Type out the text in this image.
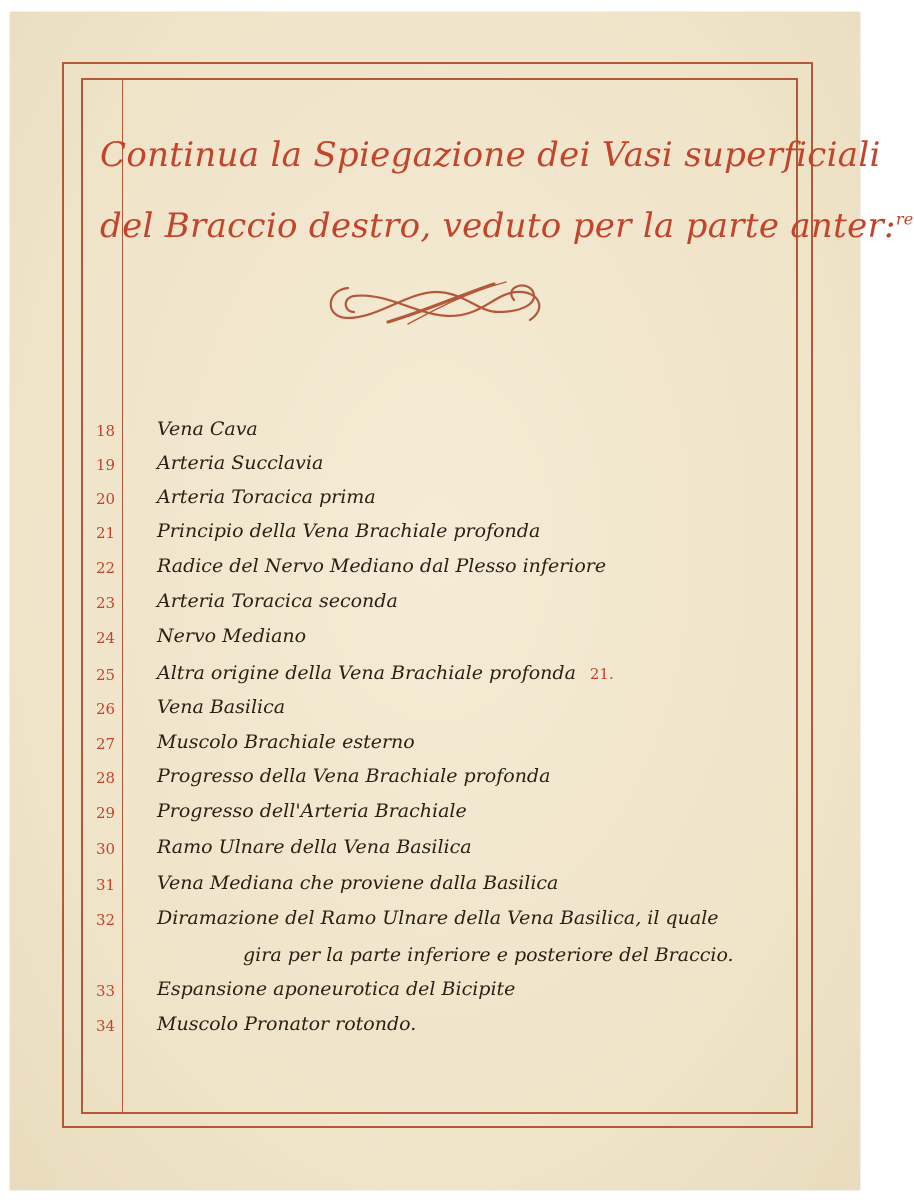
Continua la Spiegazione dei Vasi superficiali
del Braccio destro, veduto per la parte anter:$^{re}$
18 Vena Cava
19 Arteria Succlavia
20 Arteria Toracica prima
21 Principio della Vena Brachiale profonda
22 Radice del Nervo Mediano dal Plesso inferiore
23 Arteria Toracica seconda
24 Nervo Mediano
25 Altra origine della Vena Brachiale profonda 21.
26 Vena Basilica
27 Muscolo Brachiale esterno
28 Progresso della Vena Brachiale profonda
29 Progresso dell'Arteria Brachiale
30 Ramo Ulnare della Vena Basilica
31 Vena Mediana che proviene dalla Basilica
32 Diramazione del Ramo Ulnare della Vena Basilica, il quale
gira per la parte inferiore e posteriore del Braccio.
33 Espansione aponeurotica del Bicipite
34 Muscolo Pronator rotondo.
